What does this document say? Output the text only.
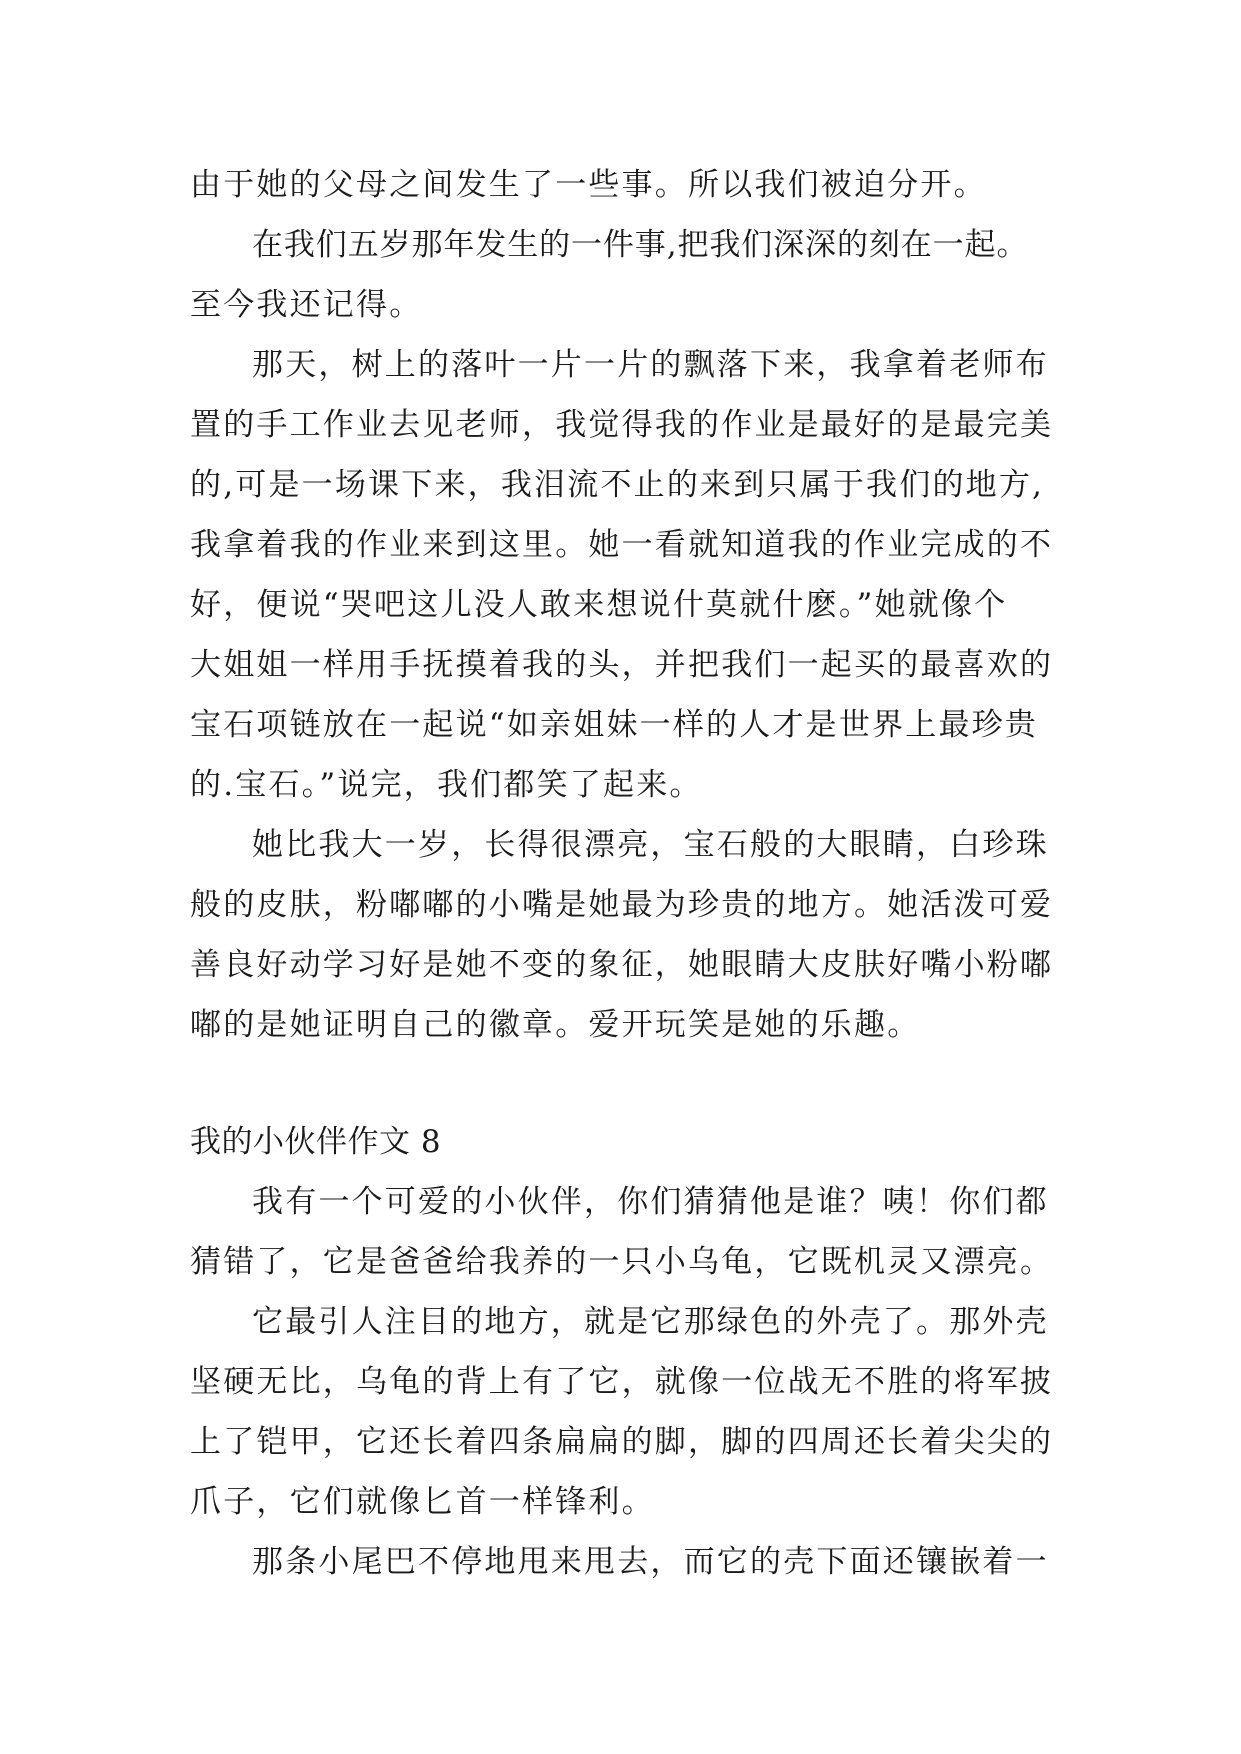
由于她的父母之间发生了一些事。所以我们被迫分开。
在我们五岁那年发生的一件事,把我们深深的刻在一起。
至今我还记得。
那天，树上的落叶一片一片的飘落下来，我拿着老师布
置的手工作业去见老师，我觉得我的作业是最好的是最完美
的,可是一场课下来，我泪流不止的来到只属于我们的地方,
我拿着我的作业来到这里。她一看就知道我的作业完成的不
好，便说“哭吧这儿没人敢来想说什莫就什麽。”她就像个
大姐姐一样用手抚摸着我的头，并把我们一起买的最喜欢的
宝石项链放在一起说“如亲姐妹一样的人才是世界上最珍贵
的.宝石。”说完，我们都笑了起来。
她比我大一岁，长得很漂亮，宝石般的大眼睛，白珍珠
般的皮肤，粉嘟嘟的小嘴是她最为珍贵的地方。她活泼可爱
善良好动学习好是她不变的象征，她眼睛大皮肤好嘴小粉嘟
嘟的是她证明自己的徽章。爱开玩笑是她的乐趣。
我的小伙伴作文 8
我有一个可爱的小伙伴，你们猜猜他是谁？咦！你们都
猜错了，它是爸爸给我养的一只小乌龟，它既机灵又漂亮。
它最引人注目的地方，就是它那绿色的外壳了。那外壳
坚硬无比，乌龟的背上有了它，就像一位战无不胜的将军披
上了铠甲，它还长着四条扁扁的脚，脚的四周还长着尖尖的
爪子，它们就像匕首一样锋利。
那条小尾巴不停地甩来甩去，而它的壳下面还镶嵌着一
